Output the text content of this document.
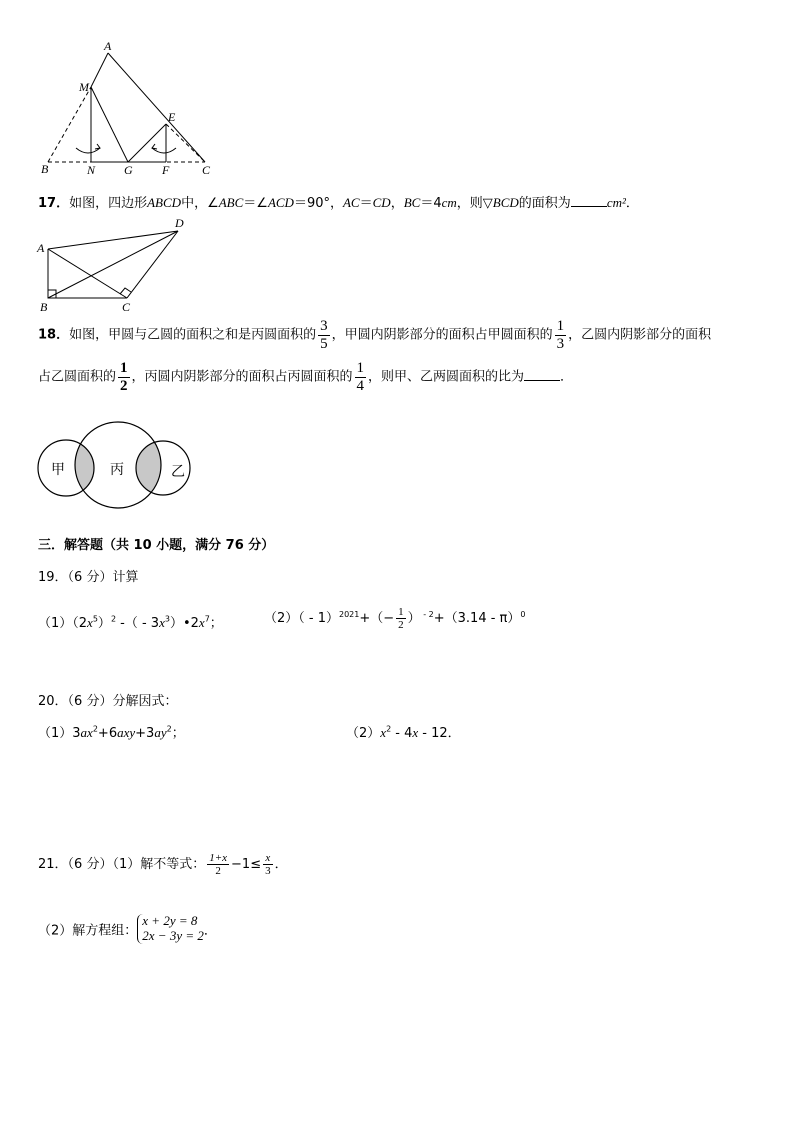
A
M
E
B	N G F	C
17．如图，四边形ABCD中，∠ABC＝∠ACD＝90°，AC＝CD，BC＝4cm，则▽BCD的面积为	cm²．
A
D
B	C
18．如图，甲圆与乙圆的面积之和是丙圆面积的 $\frac{3}{5}$ ，甲圆内阴影部分的面积占甲圆面积的 $\frac{1}{3}$ ，乙圆内阴影部分的面积
占乙圆面积的 $\frac{1}{2}$ ，丙圆内阴影部分的面积占丙圆面积的 $\frac{1}{4}$ ，则甲、乙两圆面积的比为	．
甲	丙	乙
三．解答题（共 10 小题，满分 76 分）
19．（6 分）计算
$(1)(2x^5)^2$ -（ - $3x^3)•2x^7$；	$(2)( - 1)^{2021}+(- \frac{1}{2}$ ） $^{- 2}$+（3.14 - π）$^0$
20．（6 分）分解因式：
$(1)3ax^2+6axy+3ay^2$；	$(2)x^2 - 4x - 12$．
21．（6 分）（1）解不等式： $\frac{1+x}{2} -1\le \frac{x}{3}$ ．
（2）解方程组：
x + 2y = 8
2x − 3y = 2 ．
